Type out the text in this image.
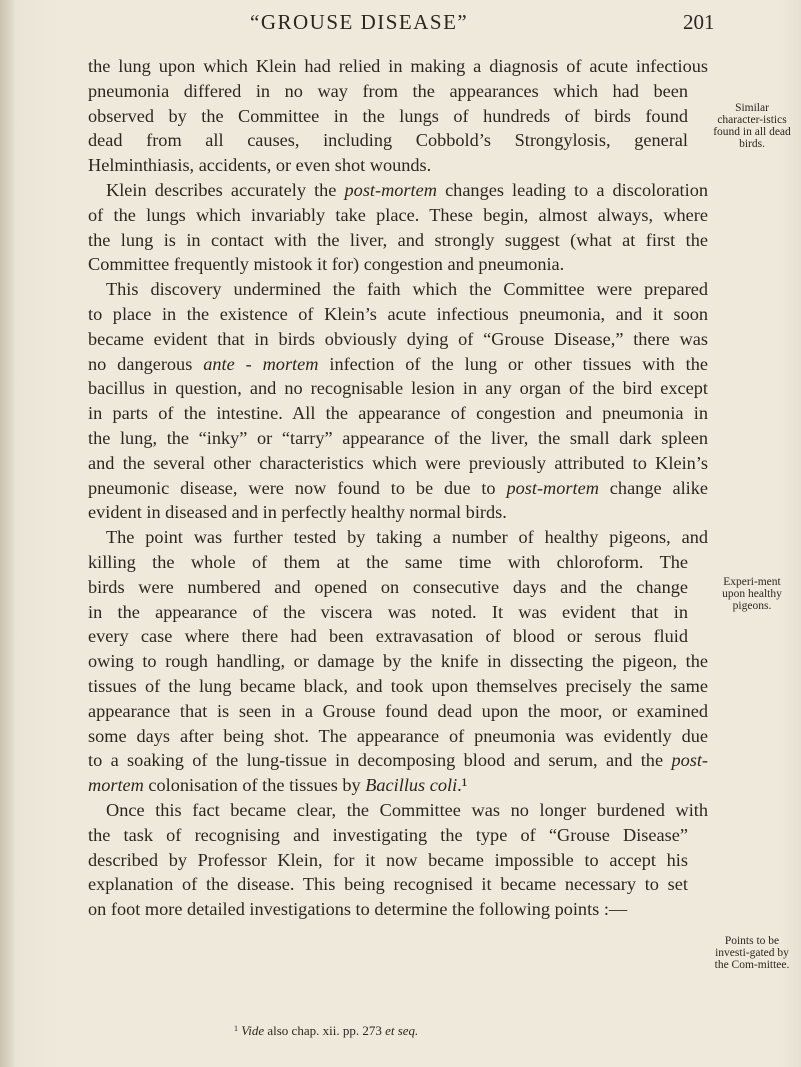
“GROUSE DISEASE”	201
the lung upon which Klein had relied in making a diagnosis of acute infectious
pneumonia differed in no way from the appearances which had been
observed by the Committee in the lungs of hundreds of birds found
dead from all causes, including Cobbold’s Strongylosis, general
Helminthiasis, accidents, or even shot wounds.
Klein describes accurately the post-mortem changes leading to a discoloration
of the lungs which invariably take place. These begin, almost always, where
the lung is in contact with the liver, and strongly suggest (what at first the
Committee frequently mistook it for) congestion and pneumonia.
This discovery undermined the faith which the Committee were prepared
to place in the existence of Klein’s acute infectious pneumonia, and it soon
became evident that in birds obviously dying of “Grouse Disease,” there was
no dangerous ante - mortem infection of the lung or other tissues with the
bacillus in question, and no recognisable lesion in any organ of the bird except
in parts of the intestine. All the appearance of congestion and pneumonia in
the lung, the “inky” or “tarry” appearance of the liver, the small dark spleen
and the several other characteristics which were previously attributed to Klein’s
pneumonic disease, were now found to be due to post-mortem change alike
evident in diseased and in perfectly healthy normal birds.
The point was further tested by taking a number of healthy pigeons, and
killing the whole of them at the same time with chloroform. The
birds were numbered and opened on consecutive days and the change
in the appearance of the viscera was noted. It was evident that in
every case where there had been extravasation of blood or serous fluid
owing to rough handling, or damage by the knife in dissecting the pigeon, the
tissues of the lung became black, and took upon themselves precisely the same
appearance that is seen in a Grouse found dead upon the moor, or examined
some days after being shot. The appearance of pneumonia was evidently due
to a soaking of the lung-tissue in decomposing blood and serum, and the post-
mortem colonisation of the tissues by Bacillus coli .¹
Once this fact became clear, the Committee was no longer burdened with
the task of recognising and investigating the type of “Grouse Disease”
described by Professor Klein, for it now became impossible to accept his
explanation of the disease. This being recognised it became necessary to set
on foot more detailed investigations to determine the following points :—
Similar character-istics found in all dead birds.
Experi-ment upon healthy pigeons.
Points to be investi-gated by the Com-mittee.
$^1$ Vide also chap. xii. pp. 273 et seq.
